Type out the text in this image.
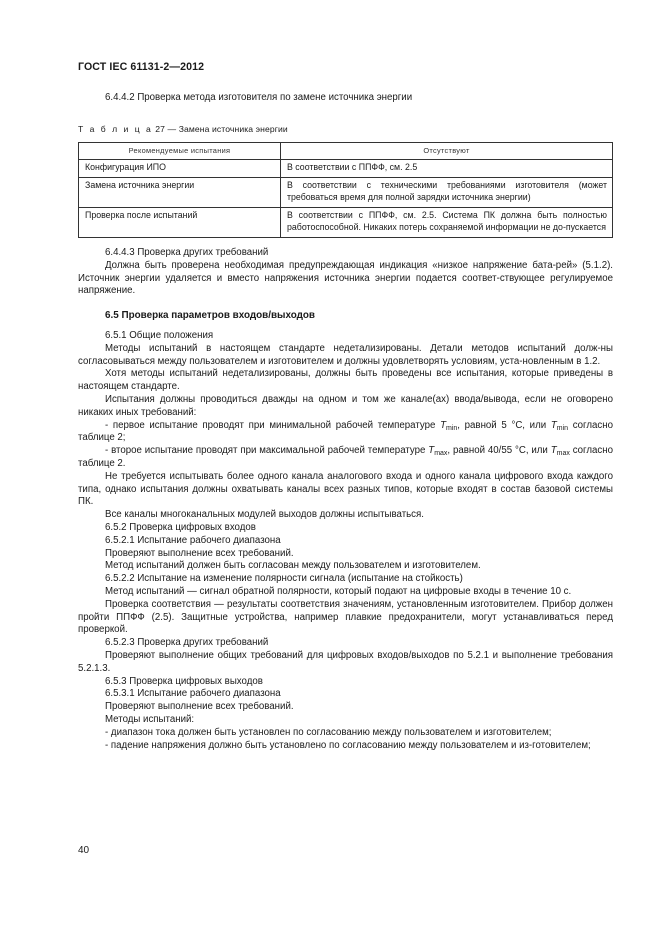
ГОСТ IEC 61131-2—2012

6.4.4.2 Проверка метода изготовителя по замене источника энергии

Т а б л и ц а 27 — Замена источника энергии
Рекомендуемые испытания	Отсутствуют
Конфигурация ИПО	В соответствии с ППФФ, см. 2.5
Замена источника энергии	В соответствии с техническими требованиями изготовителя (может требоваться время для полной зарядки источника энергии)
Проверка после испытаний	В соответствии с ППФФ, см. 2.5. Система ПК должна быть полностью работоспособной. Никаких потерь сохраняемой информации не до-пускается

6.4.4.3 Проверка других требований

Должна быть проверена необходимая предупреждающая индикация «низкое напряжение бата-рей» (5.1.2). Источник энергии удаляется и вместо напряжения источника энергии подается соответ-ствующее регулируемое напряжение.

6.5 Проверка параметров входов/выходов

6.5.1 Общие положения

Методы испытаний в настоящем стандарте недетализированы. Детали методов испытаний долж-ны согласовываться между пользователем и изготовителем и должны удовлетворять условиям, уста-новленным в 1.2.

Хотя методы испытаний недетализированы, должны быть проведены все испытания, которые приведены в настоящем стандарте.

Испытания должны проводиться дважды на одном и том же канале(ах) ввода/вывода, если не оговорено никаких иных требований:

- первое испытание проводят при минимальной рабочей температуре $T_{min}$, равной 5 °С, или $T_{min}$ согласно таблице 2;

- второе испытание проводят при максимальной рабочей температуре $T_{max}$, равной 40/55 °С, или $T_{max}$ согласно таблице 2.

Не требуется испытывать более одного канала аналогового входа и одного канала цифрового входа каждого типа, однако испытания должны охватывать каналы всех разных типов, которые входят в состав базовой системы ПК.

Все каналы многоканальных модулей выходов должны испытываться.

6.5.2 Проверка цифровых входов

6.5.2.1 Испытание рабочего диапазона

Проверяют выполнение всех требований.

Метод испытаний должен быть согласован между пользователем и изготовителем.

6.5.2.2 Испытание на изменение полярности сигнала (испытание на стойкость)

Метод испытаний — сигнал обратной полярности, который подают на цифровые входы в течение 10 с.

Проверка соответствия — результаты соответствия значениям, установленным изготовителем. Прибор должен пройти ППФФ (2.5). Защитные устройства, например плавкие предохранители, могут устанавливаться перед проверкой.

6.5.2.3 Проверка других требований

Проверяют выполнение общих требований для цифровых входов/выходов по 5.2.1 и выполнение требования 5.2.1.3.

6.5.3 Проверка цифровых выходов

6.5.3.1 Испытание рабочего диапазона

Проверяют выполнение всех требований.

Методы испытаний:

- диапазон тока должен быть установлен по согласованию между пользователем и изготовителем;

- падение напряжения должно быть установлено по согласованию между пользователем и из-готовителем;

40
